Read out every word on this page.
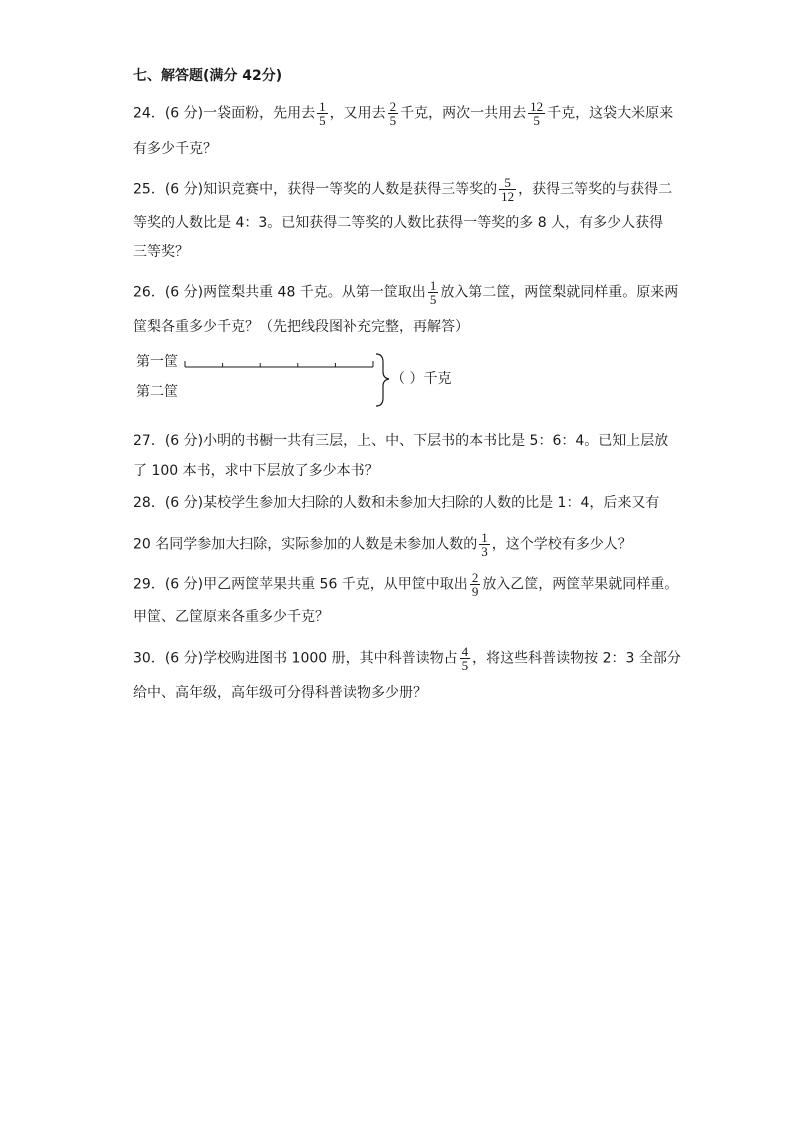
七、解答题(满分 42分)
24．(6 分)一袋面粉，先用去 $\frac{1}{5}$ ，又用去 $\frac{2}{5}$ 千克，两次一共用去 $\frac{12}{5}$ 千克，这袋大米原来
有多少千克？
25．(6 分)知识竞赛中，获得一等奖的人数是获得三等奖的 $\frac{5}{12}$ ，获得三等奖的与获得二
等奖的人数比是 4：3。已知获得二等奖的人数比获得一等奖的多 8 人，有多少人获得
三等奖？
26．(6 分)两筐梨共重 48 千克。从第一筐取出 $\frac{1}{5}$ 放入第二筐，两筐梨就同样重。原来两
筐梨各重多少千克？（先把线段图补充完整，再解答）
第一筐
第二筐
（ ）千克
27．(6 分)小明的书橱一共有三层，上、中、下层书的本书比是 5：6：4。已知上层放
了 100 本书，求中下层放了多少本书？
28．(6 分)某校学生参加大扫除的人数和未参加大扫除的人数的比是 1：4，后来又有
20 名同学参加大扫除，实际参加的人数是未参加人数的 $\frac{1}{3}$ ，这个学校有多少人？
29．(6 分)甲乙两筐苹果共重 56 千克，从甲筐中取出 $\frac{2}{9}$ 放入乙筐，两筐苹果就同样重。
甲筐、乙筐原来各重多少千克？
30．(6 分)学校购进图书 1000 册，其中科普读物占 $\frac{4}{5}$ ，将这些科普读物按 2：3 全部分
给中、高年级，高年级可分得科普读物多少册？
